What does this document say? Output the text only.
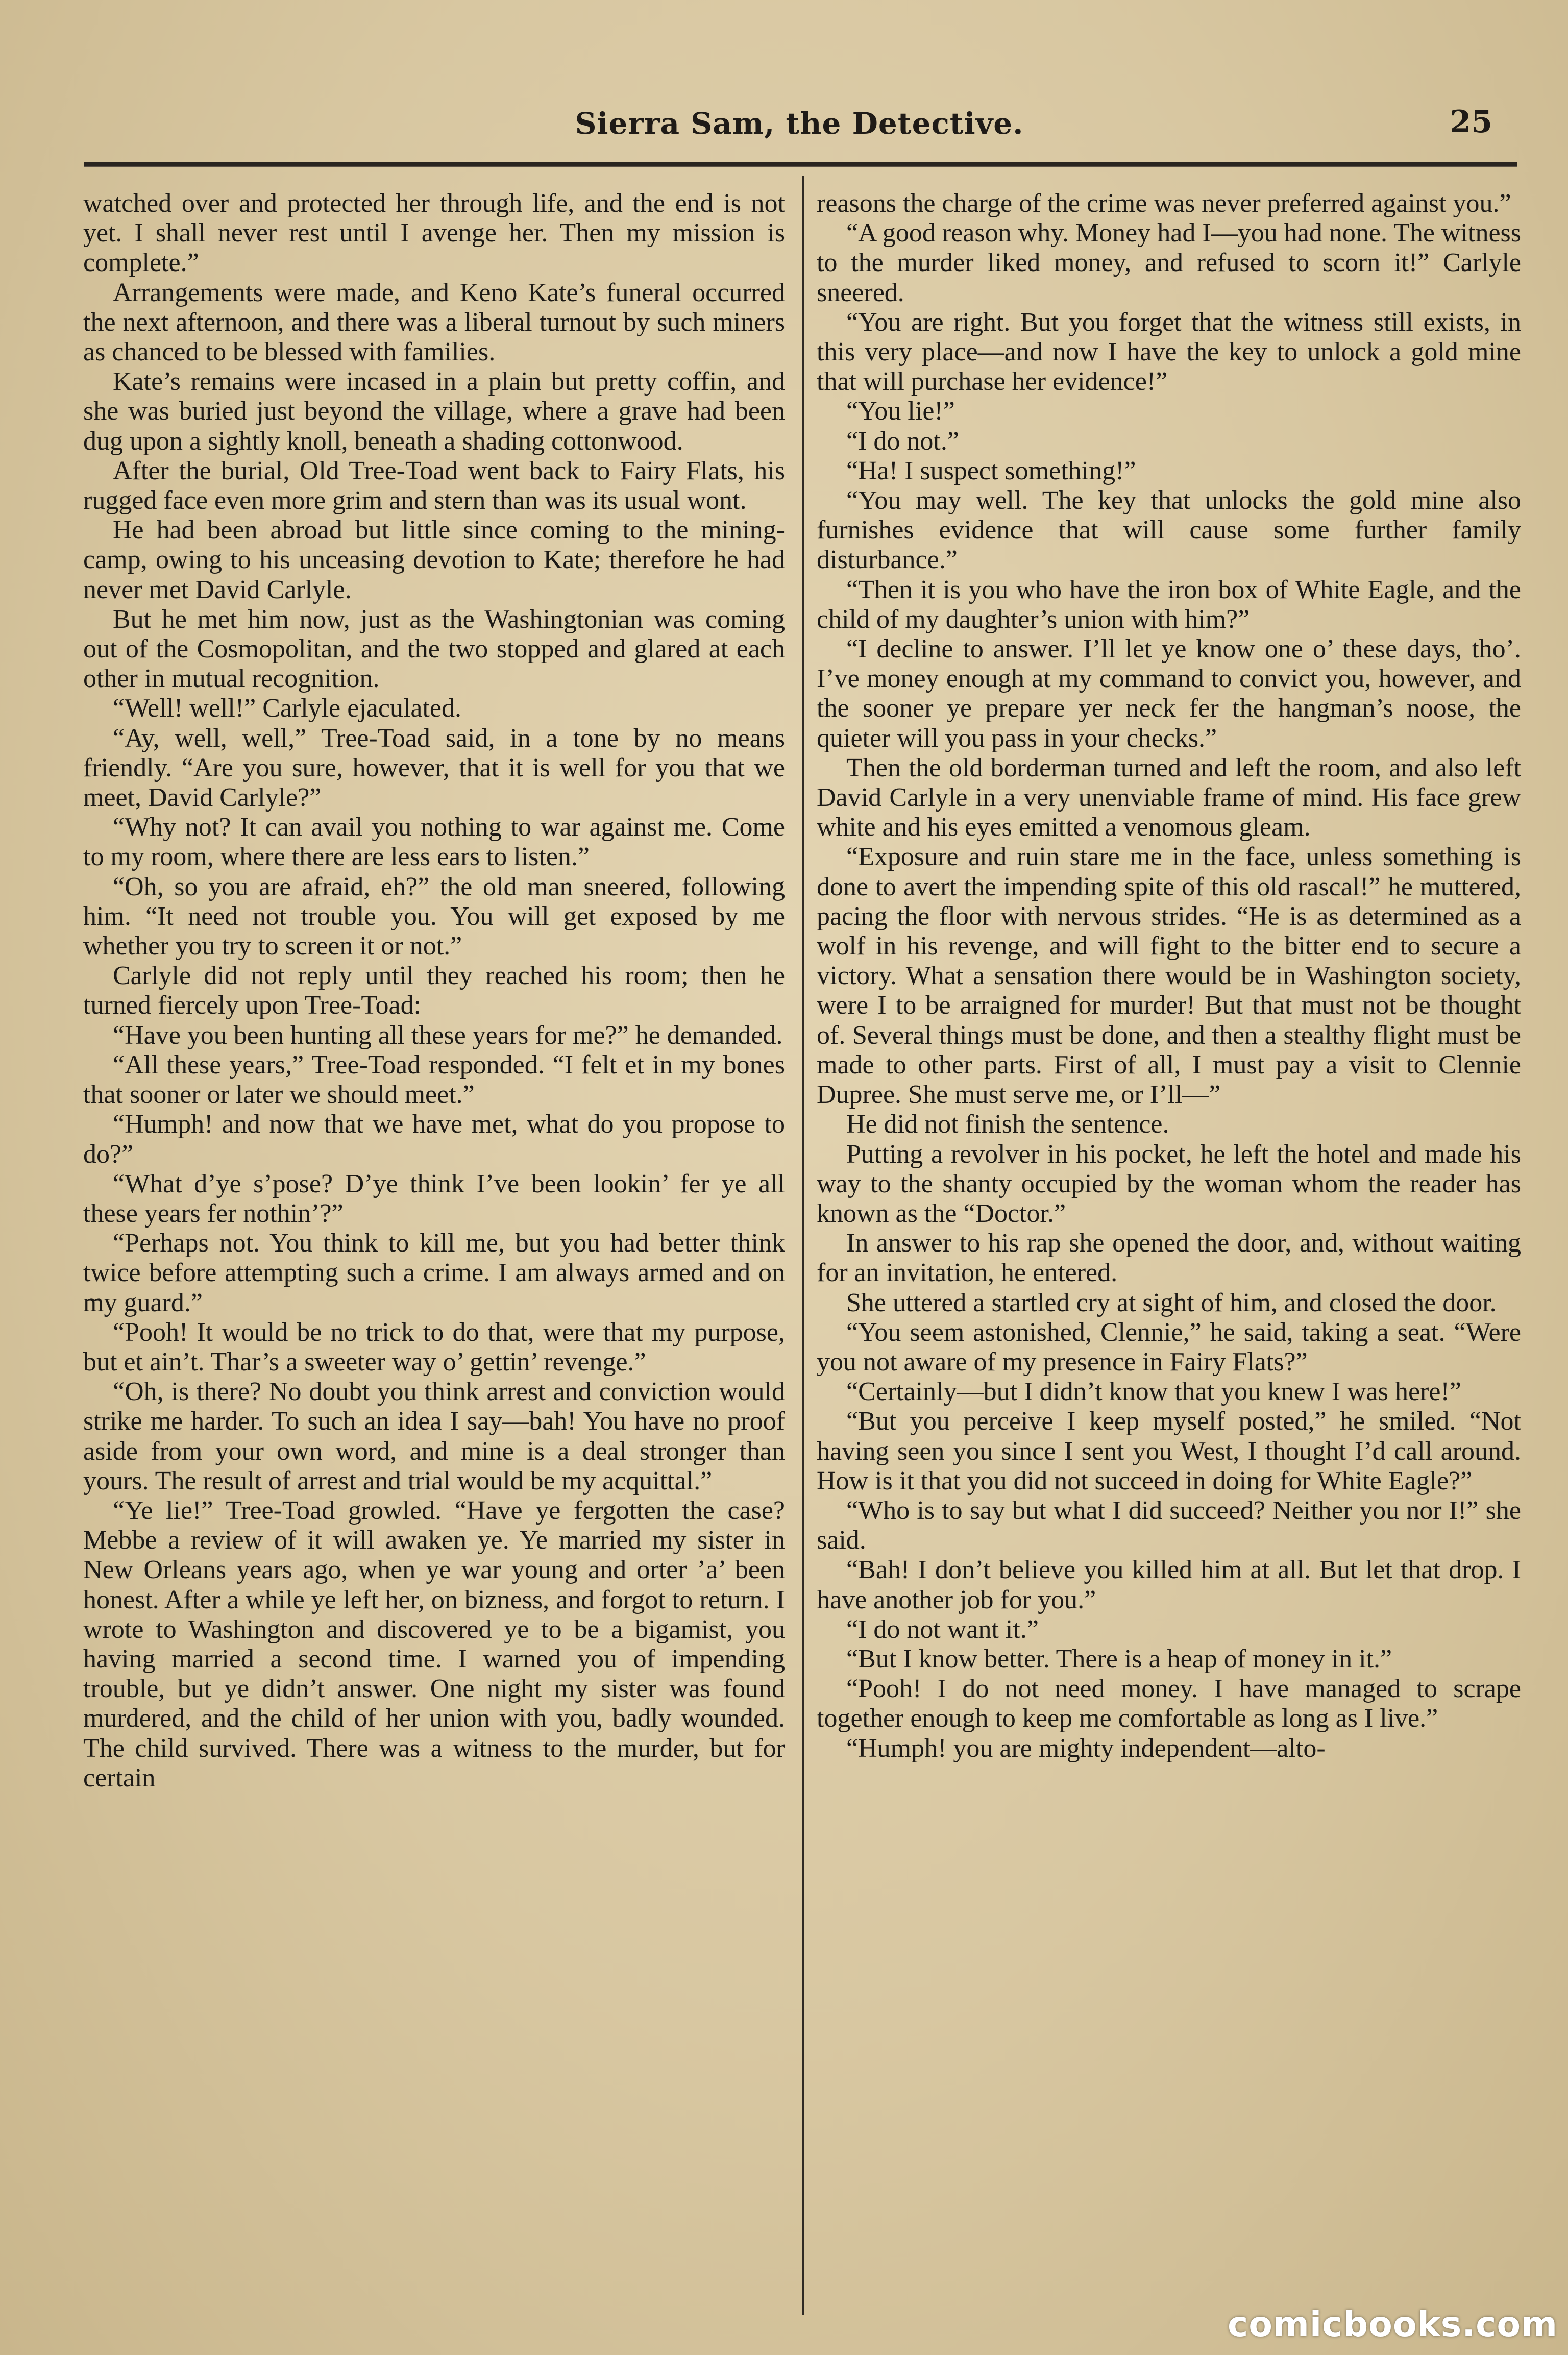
Sierra Sam, the Detective.	25

watched over and protected her through life, and the end is not yet. I shall never rest until I avenge her. Then my mission is complete.”

Arrangements were made, and Keno Kate’s funeral occurred the next afternoon, and there was a liberal turnout by such miners as chanced to be blessed with families.

Kate’s remains were incased in a plain but pretty coffin, and she was buried just beyond the village, where a grave had been dug upon a sightly knoll, beneath a shading cottonwood.

After the burial, Old Tree-Toad went back to Fairy Flats, his rugged face even more grim and stern than was its usual wont.

He had been abroad but little since coming to the mining-camp, owing to his unceasing devotion to Kate; therefore he had never met David Carlyle.

But he met him now, just as the Washingtonian was coming out of the Cosmopolitan, and the two stopped and glared at each other in mutual recognition.

“Well! well!” Carlyle ejaculated.

“Ay, well, well,” Tree-Toad said, in a tone by no means friendly. “Are you sure, however, that it is well for you that we meet, David Carlyle?”

“Why not? It can avail you nothing to war against me. Come to my room, where there are less ears to listen.”

“Oh, so you are afraid, eh?” the old man sneered, following him. “It need not trouble you. You will get exposed by me whether you try to screen it or not.”

Carlyle did not reply until they reached his room; then he turned fiercely upon Tree-Toad:

“Have you been hunting all these years for me?” he demanded.

“All these years,” Tree-Toad responded. “I felt et in my bones that sooner or later we should meet.”

“Humph! and now that we have met, what do you propose to do?”

“What d’ye s’pose? D’ye think I’ve been lookin’ fer ye all these years fer nothin’?”

“Perhaps not. You think to kill me, but you had better think twice before attempting such a crime. I am always armed and on my guard.”

“Pooh! It would be no trick to do that, were that my purpose, but et ain’t. Thar’s a sweeter way o’ gettin’ revenge.”

“Oh, is there? No doubt you think arrest and conviction would strike me harder. To such an idea I say—bah! You have no proof aside from your own word, and mine is a deal stronger than yours. The result of arrest and trial would be my acquittal.”

“Ye lie!” Tree-Toad growled. “Have ye fergotten the case? Mebbe a review of it will awaken ye. Ye married my sister in New Orleans years ago, when ye war young and orter ’a’ been honest. After a while ye left her, on bizness, and forgot to return. I wrote to Washington and discovered ye to be a bigamist, you having married a second time. I warned you of impending trouble, but ye didn’t answer. One night my sister was found murdered, and the child of her union with you, badly wounded. The child survived. There was a witness to the murder, but for certain

reasons the charge of the crime was never preferred against you.”

“A good reason why. Money had I—you had none. The witness to the murder liked money, and refused to scorn it!” Carlyle sneered.

“You are right. But you forget that the witness still exists, in this very place—and now I have the key to unlock a gold mine that will purchase her evidence!”

“You lie!”

“I do not.”

“Ha! I suspect something!”

“You may well. The key that unlocks the gold mine also furnishes evidence that will cause some further family disturbance.”

“Then it is you who have the iron box of White Eagle, and the child of my daughter’s union with him?”

“I decline to answer. I’ll let ye know one o’ these days, tho’. I’ve money enough at my command to convict you, however, and the sooner ye prepare yer neck fer the hangman’s noose, the quieter will you pass in your checks.”

Then the old borderman turned and left the room, and also left David Carlyle in a very unenviable frame of mind. His face grew white and his eyes emitted a venomous gleam.

“Exposure and ruin stare me in the face, unless something is done to avert the impending spite of this old rascal!” he muttered, pacing the floor with nervous strides. “He is as determined as a wolf in his revenge, and will fight to the bitter end to secure a victory. What a sensation there would be in Washington society, were I to be arraigned for murder! But that must not be thought of. Several things must be done, and then a stealthy flight must be made to other parts. First of all, I must pay a visit to Clennie Dupree. She must serve me, or I’ll—”

He did not finish the sentence.

Putting a revolver in his pocket, he left the hotel and made his way to the shanty occupied by the woman whom the reader has known as the “Doctor.”

In answer to his rap she opened the door, and, without waiting for an invitation, he entered.

She uttered a startled cry at sight of him, and closed the door.

“You seem astonished, Clennie,” he said, taking a seat. “Were you not aware of my presence in Fairy Flats?”

“Certainly—but I didn’t know that you knew I was here!”

“But you perceive I keep myself posted,” he smiled. “Not having seen you since I sent you West, I thought I’d call around. How is it that you did not succeed in doing for White Eagle?”

“Who is to say but what I did succeed? Neither you nor I!” she said.

“Bah! I don’t believe you killed him at all. But let that drop. I have another job for you.”

“I do not want it.”

“But I know better. There is a heap of money in it.”

“Pooh! I do not need money. I have managed to scrape together enough to keep me comfortable as long as I live.”

“Humph! you are mighty independent—alto-

comicbooks.com
